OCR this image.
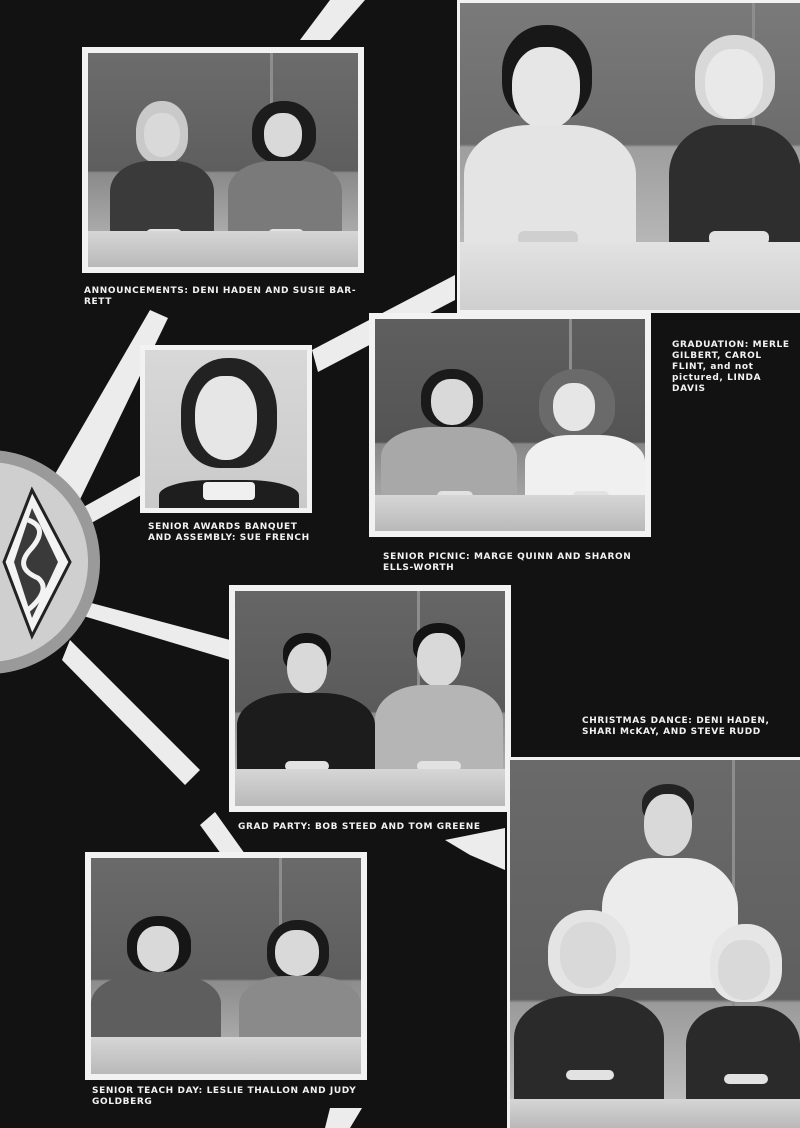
ANNOUNCEMENTS: DENI HADEN AND SUSIE BAR-RETT
GRADUATION: MERLE GILBERT, CAROL FLINT, and not pictured, LINDA DAVIS
SENIOR AWARDS BANQUET AND ASSEMBLY: SUE FRENCH
SENIOR PICNIC: MARGE QUINN AND SHARON ELLS-WORTH
CHRISTMAS DANCE: DENI HADEN, SHARI McKAY, AND STEVE RUDD
GRAD PARTY: BOB STEED AND TOM GREENE
SENIOR TEACH DAY: LESLIE THALLON AND JUDY GOLDBERG
